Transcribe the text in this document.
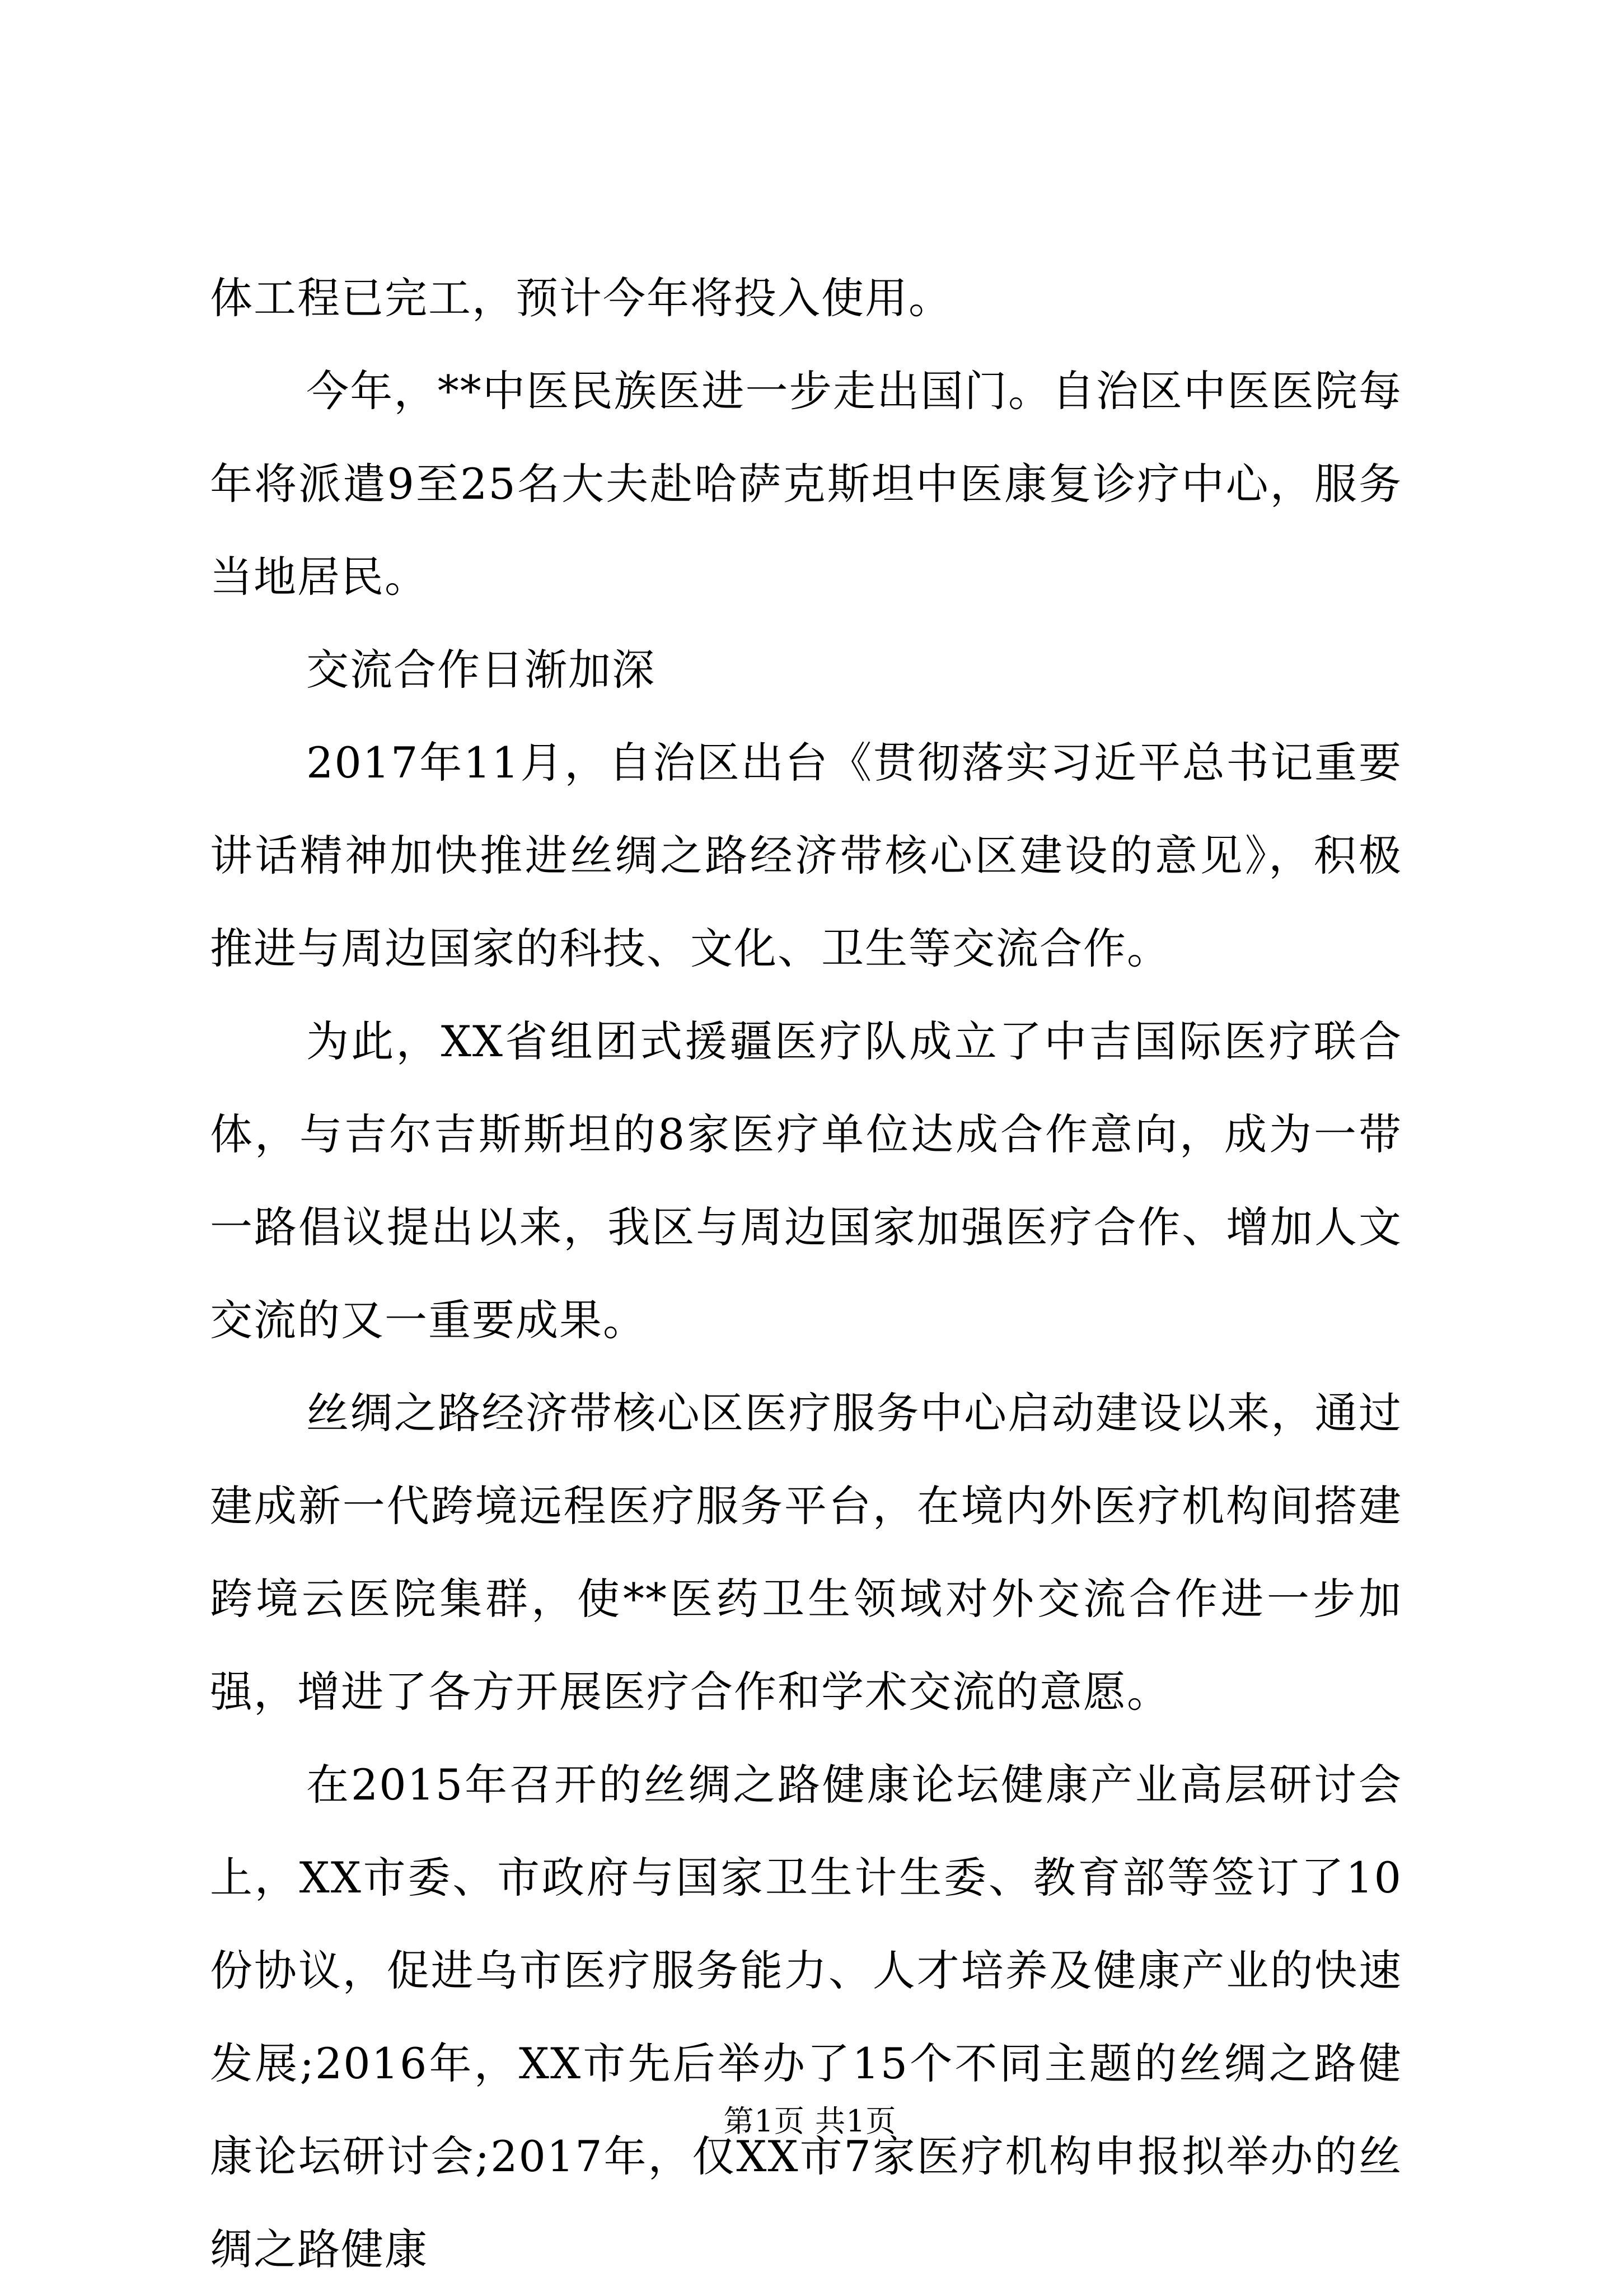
体工程已完工，预计今年将投入使用。

今年，**中医民族医进一步走出国门。自治区中医医院每年将派遣9至25名大夫赴哈萨克斯坦中医康复诊疗中心，服务当地居民。

交流合作日渐加深

2017年11月，自治区出台《贯彻落实习近平总书记重要讲话精神加快推进丝绸之路经济带核心区建设的意见》，积极推进与周边国家的科技、文化、卫生等交流合作。

为此，XX省组团式援疆医疗队成立了中吉国际医疗联合体，与吉尔吉斯斯坦的8家医疗单位达成合作意向，成为一带一路倡议提出以来，我区与周边国家加强医疗合作、增加人文交流的又一重要成果。

丝绸之路经济带核心区医疗服务中心启动建设以来，通过建成新一代跨境远程医疗服务平台，在境内外医疗机构间搭建跨境云医院集群，使**医药卫生领域对外交流合作进一步加强，增进了各方开展医疗合作和学术交流的意愿。

在2015年召开的丝绸之路健康论坛健康产业高层研讨会上，XX市委、市政府与国家卫生计生委、教育部等签订了10份协议，促进乌市医疗服务能力、人才培养及健康产业的快速发展;2016年，XX市先后举办了15个不同主题的丝绸之路健康论坛研讨会;2017年，仅XX市7家医疗机构申报拟举办的丝绸之路健康

第1页 共1页
